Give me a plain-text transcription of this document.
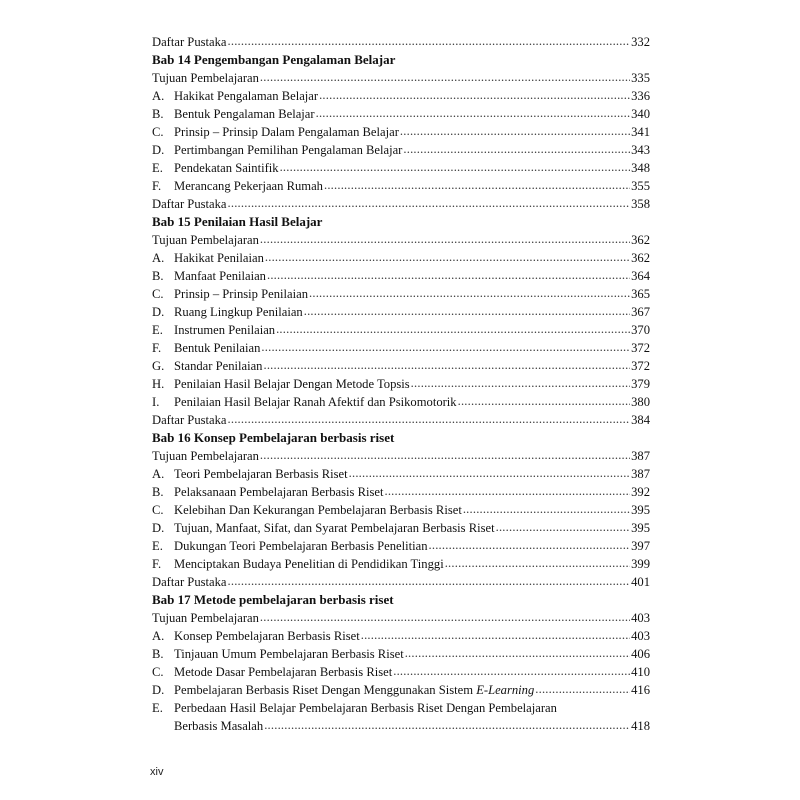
Daftar Pustaka .....	332
Bab 14 Pengembangan Pengalaman Belajar
Tujuan Pembelajaran .....	335
A. Hakikat Pengalaman Belajar .....	336
B. Bentuk Pengalaman Belajar .....	340
C. Prinsip – Prinsip Dalam Pengalaman Belajar .....	341
D. Pertimbangan Pemilihan Pengalaman Belajar .....	343
E. Pendekatan Saintifik .....	348
F.	Merancang Pekerjaan Rumah .....	355
Daftar Pustaka .....	358
Bab 15 Penilaian Hasil Belajar
Tujuan Pembelajaran .....	362
A. Hakikat Penilaian .....	362
B. Manfaat Penilaian .....	364
C. Prinsip – Prinsip Penilaian .....	365
D. Ruang Lingkup Penilaian .....	367
E. Instrumen Penilaian .....	370
F.	Bentuk Penilaian .....	372
G. Standar Penilaian .....	372
H. Penilaian Hasil Belajar Dengan Metode Topsis .....	379
I.	Penilaian Hasil Belajar Ranah Afektif dan Psikomotorik .....	380
Daftar Pustaka .....	384
Bab 16 Konsep Pembelajaran berbasis riset
Tujuan Pembelajaran .....	387
A. Teori Pembelajaran Berbasis Riset .....	387
B. Pelaksanaan Pembelajaran Berbasis Riset .....	392
C. Kelebihan Dan Kekurangan Pembelajaran Berbasis Riset .....	395
D. Tujuan, Manfaat, Sifat, dan Syarat Pembelajaran Berbasis Riset .....	395
E. Dukungan Teori Pembelajaran Berbasis Penelitian .....	397
F.	Menciptakan Budaya Penelitian di Pendidikan Tinggi .....	399
Daftar Pustaka .....	401
Bab 17 Metode pembelajaran berbasis riset
Tujuan Pembelajaran .....	403
A. Konsep Pembelajaran Berbasis Riset .....	403
B. Tinjauan Umum Pembelajaran Berbasis Riset .....	406
C. Metode Dasar Pembelajaran Berbasis Riset .....	410
D. Pembelajaran Berbasis Riset Dengan Menggunakan Sistem E-Learning .....	416
E. Perbedaan Hasil Belajar Pembelajaran Berbasis Riset Dengan Pembelajaran
Berbasis Masalah .....	418
xiv
